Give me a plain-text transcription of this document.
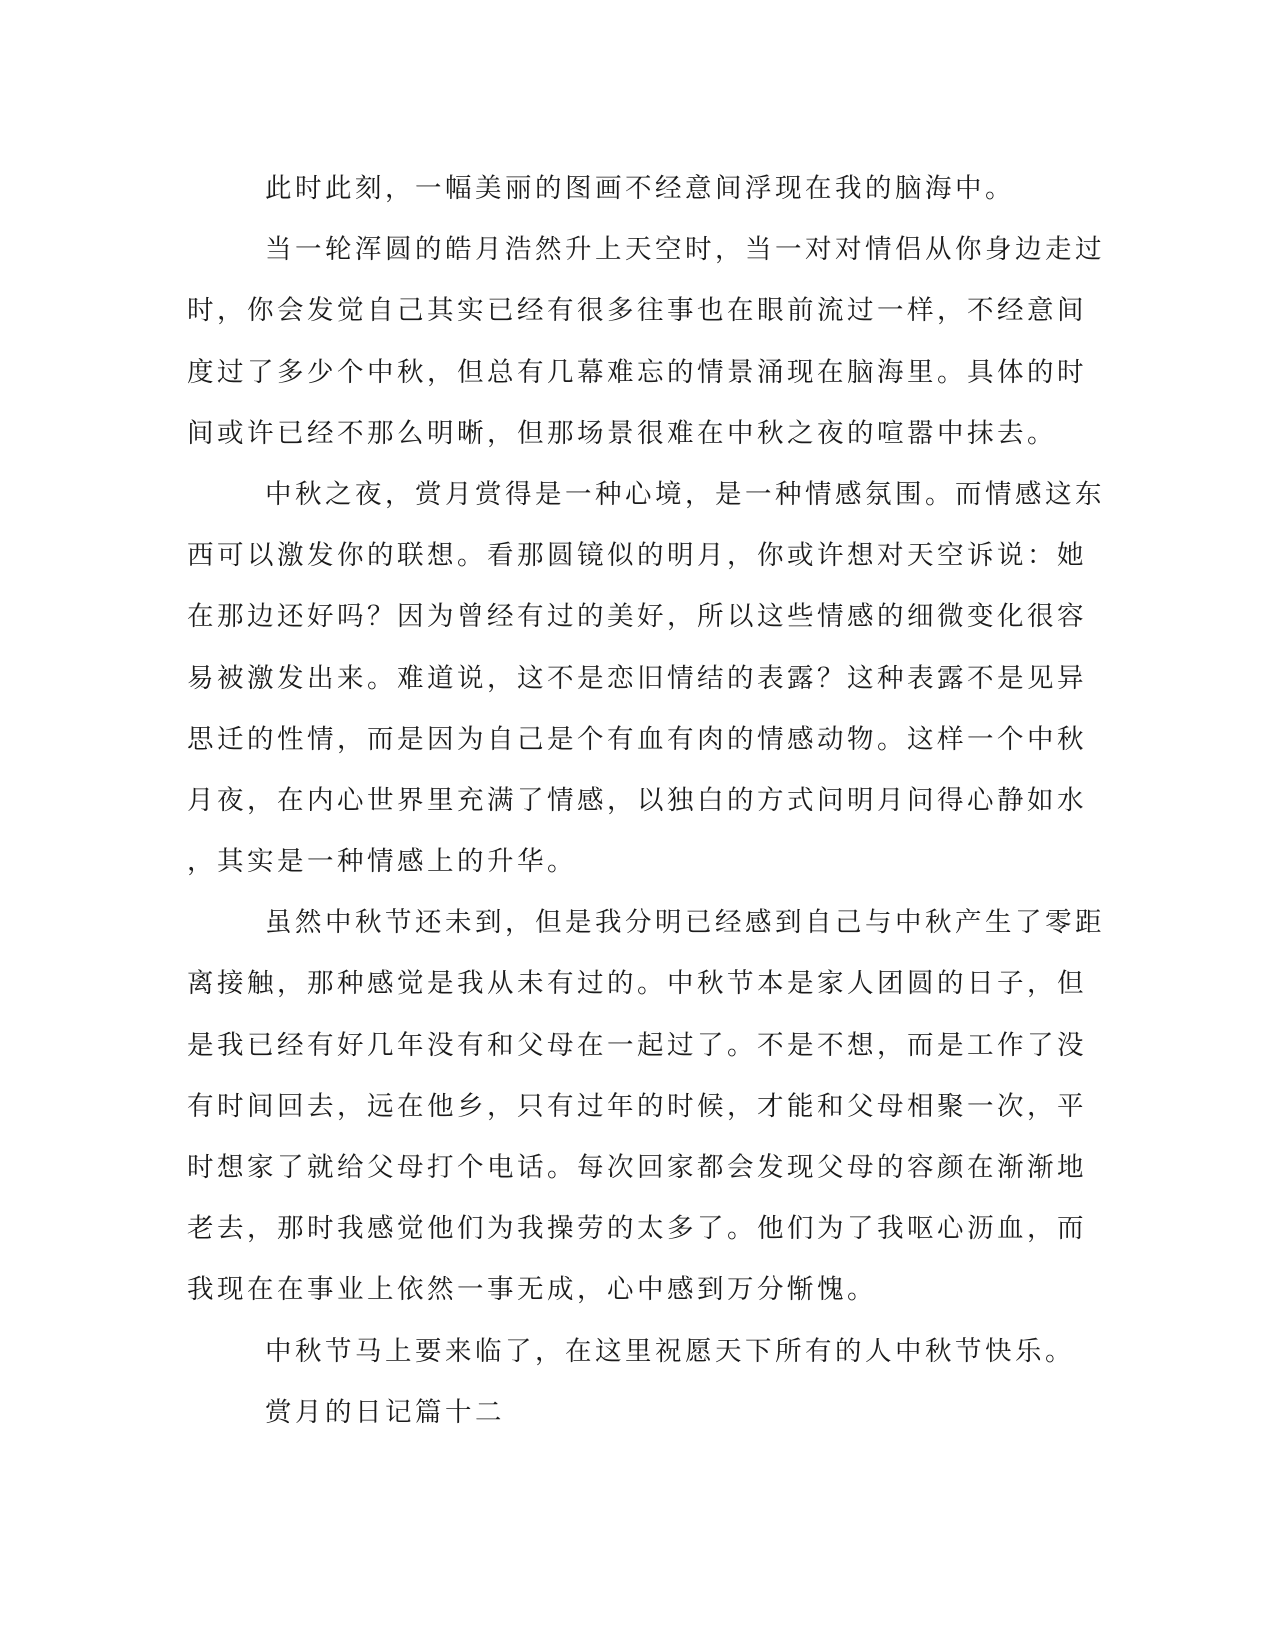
此时此刻，一幅美丽的图画不经意间浮现在我的脑海中。

当一轮浑圆的皓月浩然升上天空时，当一对对情侣从你身边走过

时，你会发觉自己其实已经有很多往事也在眼前流过一样，不经意间

度过了多少个中秋，但总有几幕难忘的情景涌现在脑海里。具体的时

间或许已经不那么明晰，但那场景很难在中秋之夜的喧嚣中抹去。

中秋之夜，赏月赏得是一种心境，是一种情感氛围。而情感这东

西可以激发你的联想。看那圆镜似的明月，你或许想对天空诉说：她

在那边还好吗？因为曾经有过的美好，所以这些情感的细微变化很容

易被激发出来。难道说，这不是恋旧情结的表露？这种表露不是见异

思迁的性情，而是因为自己是个有血有肉的情感动物。这样一个中秋

月夜，在内心世界里充满了情感，以独白的方式问明月问得心静如水

，其实是一种情感上的升华。

虽然中秋节还未到，但是我分明已经感到自己与中秋产生了零距

离接触，那种感觉是我从未有过的。中秋节本是家人团圆的日子，但

是我已经有好几年没有和父母在一起过了。不是不想，而是工作了没

有时间回去，远在他乡，只有过年的时候，才能和父母相聚一次，平

时想家了就给父母打个电话。每次回家都会发现父母的容颜在渐渐地

老去，那时我感觉他们为我操劳的太多了。他们为了我呕心沥血，而

我现在在事业上依然一事无成，心中感到万分惭愧。

中秋节马上要来临了，在这里祝愿天下所有的人中秋节快乐。

赏月的日记篇十二
